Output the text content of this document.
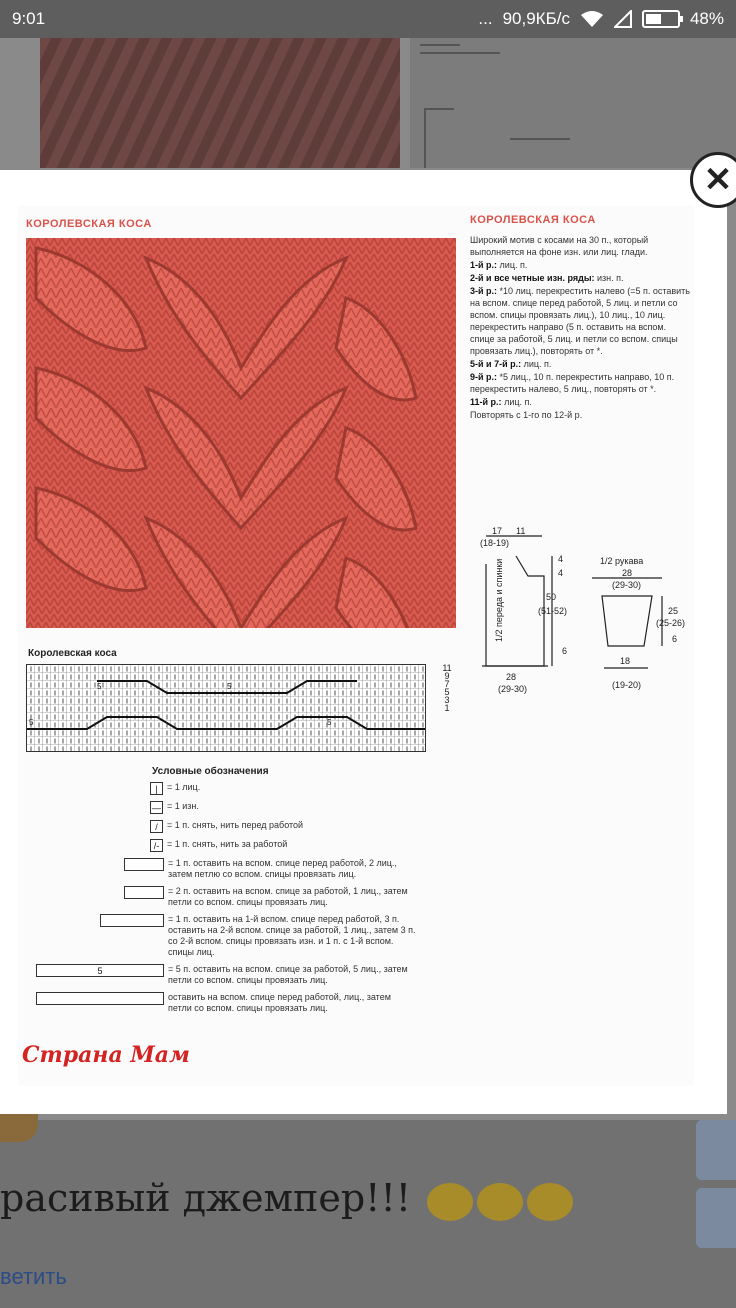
9:01	... 90,9КБ/с	48%
расивый джемпер!!!
ветить
✕
КОРОЛЕВСКАЯ КОСА
Королевская коса
5	5
5	5
11
9
7
5
3
1
Условные обозначения
|	= 1 лиц.
— = 1 изн.
/	= 1 п. снять, нить перед работой
/- = 1 п. снять, нить за работой
= 1 п. оставить на вспом. спице перед работой, 2 лиц., затем петлю со вспом. спицы провязать лиц.
= 2 п. оставить на вспом. спице за работой, 1 лиц., затем петли со вспом. спицы провязать лиц.
= 1 п. оставить на 1-й вспом. спице перед работой, 3 п. оставить на 2-й вспом. спице за работой, 1 лиц., затем 3 п. со 2-й вспом. спицы провязать изн. и 1 п. с 1-й вспом. спицы лиц.
5	= 5 п. оставить на вспом. спице за работой, 5 лиц., затем петли со вспом. спицы провязать лиц.
оставить на вспом. спице перед работой, лиц., затем петли со вспом. спицы провязать лиц.
Страна Мам
КОРОЛЕВСКАЯ КОСА

Широкий мотив с косами на 30 п., который выполняется на фоне изн. или лиц. глади.

1-й р.: лиц. п.

2-й и все четные изн. ряды: изн. п.

3-й р.: *10 лиц. перекрестить налево (=5 п. оставить на вспом. спице перед работой, 5 лиц. и петли со вспом. спицы провязать лиц.), 10 лиц., 10 лиц. перекрестить направо (5 п. оставить на вспом. спице за работой, 5 лиц. и петли со вспом. спицы провязать лиц.), повторять от *.

5-й и 7-й р.: лиц. п.

9-й р.: *5 лиц., 10 п. перекрестить направо, 10 п. перекрестить налево, 5 лиц., повторять от *.

11-й р.: лиц. п.

Повторять с 1-го по 12-й р.

17 11
(18-19)
4
4
50
(51-52)
6
1/2 переда и спинки
28
(29-30)
1/2 рукава
28
(29-30)
25
(25-26)
6
18
(19-20)
